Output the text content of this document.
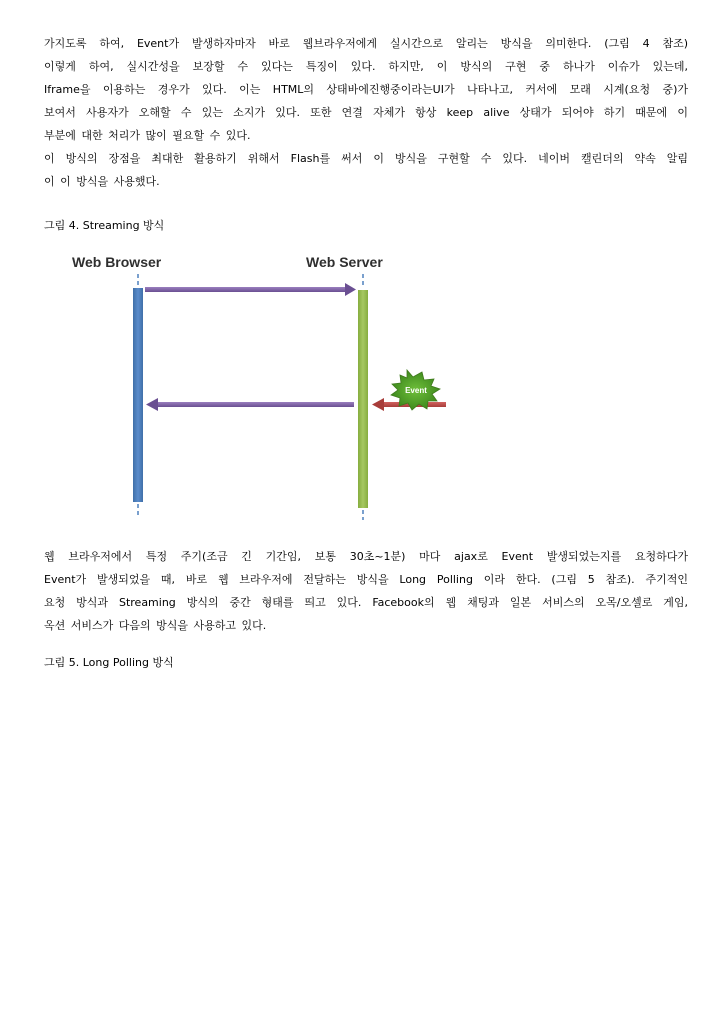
가지도록 하여, Event가 발생하자마자 바로 웹브라우저에게 실시간으로 알리는 방식을 의미한다. (그림 4 참조)
이렇게 하여, 실시간성을 보장할 수 있다는 특징이 있다. 하지만, 이 방식의 구현 중 하나가 이슈가 있는데,
Iframe을 이용하는 경우가 있다. 이는 HTML의 상태바에진행중이라는UI가 나타나고, 커서에 모래 시계(요청 중)가
보여서 사용자가 오해할 수 있는 소지가 있다. 또한 연결 자체가 항상 keep alive 상태가 되어야 하기 때문에 이
부분에 대한 처리가 많이 필요할 수 있다.
이 방식의 장점을 최대한 활용하기 위해서 Flash를 써서 이 방식을 구현할 수 있다. 네이버 캘린더의 약속 알림
이 이 방식을 사용했다.
그림 4. Streaming 방식
Event
Web Browser	Web Server
웹 브라우저에서 특정 주기(조금 긴 기간임, 보통 30초~1분) 마다 ajax로 Event 발생되었는지를 요청하다가
Event가 발생되었을 때, 바로 웹 브라우저에 전달하는 방식을 Long Polling 이라 한다. (그림 5 참조). 주기적인
요청 방식과 Streaming 방식의 중간 형태를 띄고 있다. Facebook의 웹 채팅과 일본 서비스의 오목/오셀로 게임,
옥션 서비스가 다음의 방식을 사용하고 있다.
그림 5. Long Polling 방식
